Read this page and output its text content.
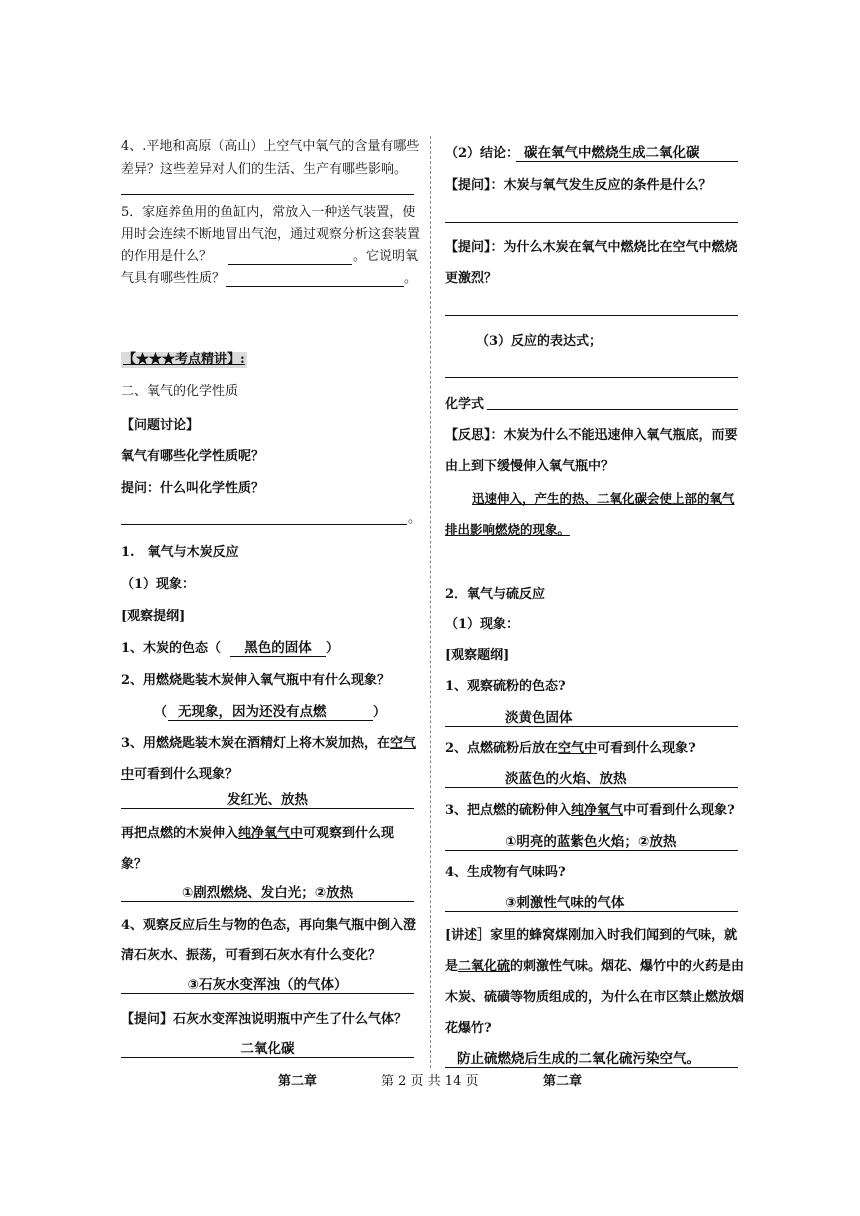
4、.平地和高原（高山）上空气中氧气的含量有哪些
差异？这些差异对人们的生活、生产有哪些影响。
5．家庭养鱼用的鱼缸内，常放入一种送气装置，使
用时会连续不断地冒出气泡，通过观察分析这套装置
的作用是什么？	。它说明氧
气具有哪些性质？	。
【★★★考点精讲】:
二、氧气的化学性质
【问题讨论】
氧气有哪些化学性质呢？
提问：什么叫化学性质？
。
1.　氧气与木炭反应
（1）现象：
[观察提纲]
1、木炭的色态（	黑色的固体	）
2、用燃烧匙装木炭伸入氧气瓶中有什么现象？
（ 无现象，因为还没有点燃	）
3、用燃烧匙装木炭在酒精灯上将木炭加热，在空气
中可看到什么现象？
发红光、放热
再把点燃的木炭伸入纯净氧气中可观察到什么现
象？
①剧烈燃烧、发白光；②放热
4、观察反应后生与物的色态，再向集气瓶中倒入澄
清石灰水、振荡，可看到石灰水有什么变化？
③石灰水变浑浊（的气体）
【提问】石灰水变浑浊说明瓶中产生了什么气体？
二氧化碳
（2）结论： 碳在氧气中燃烧生成二氧化碳
【提问】：木炭与氧气发生反应的条件是什么？
【提问】：为什么木炭在氧气中燃烧比在空气中燃烧
更激烈？
（3）反应的表达式；
化学式
【反思】：木炭为什么不能迅速伸入氧气瓶底，而要
由上到下缓慢伸入氧气瓶中？
迅速伸入，产生的热、二氧化碳会使上部的氧气
排出影响燃烧的现象。
2．氧气与硫反应
（1）现象：
[观察题纲]
1、观察硫粉的色态?
淡黄色固体
2、点燃硫粉后放在空气中可看到什么现象?
淡蓝色的火焰、放热
3、把点燃的硫粉伸入纯净氧气中可看到什么现象?
①明亮的蓝紫色火焰；②放热
4、生成物有气味吗?
③刺激性气味的气体
[讲述］家里的蜂窝煤刚加入时我们闻到的气味，就
是二氧化硫的刺激性气味。烟花、爆竹中的火药是由
木炭、硫磺等物质组成的，为什么在市区禁止燃放烟
花爆竹?
防止硫燃烧后生成的二氧化硫污染空气。
第二章	第 2 页 共 14 页	第二章
